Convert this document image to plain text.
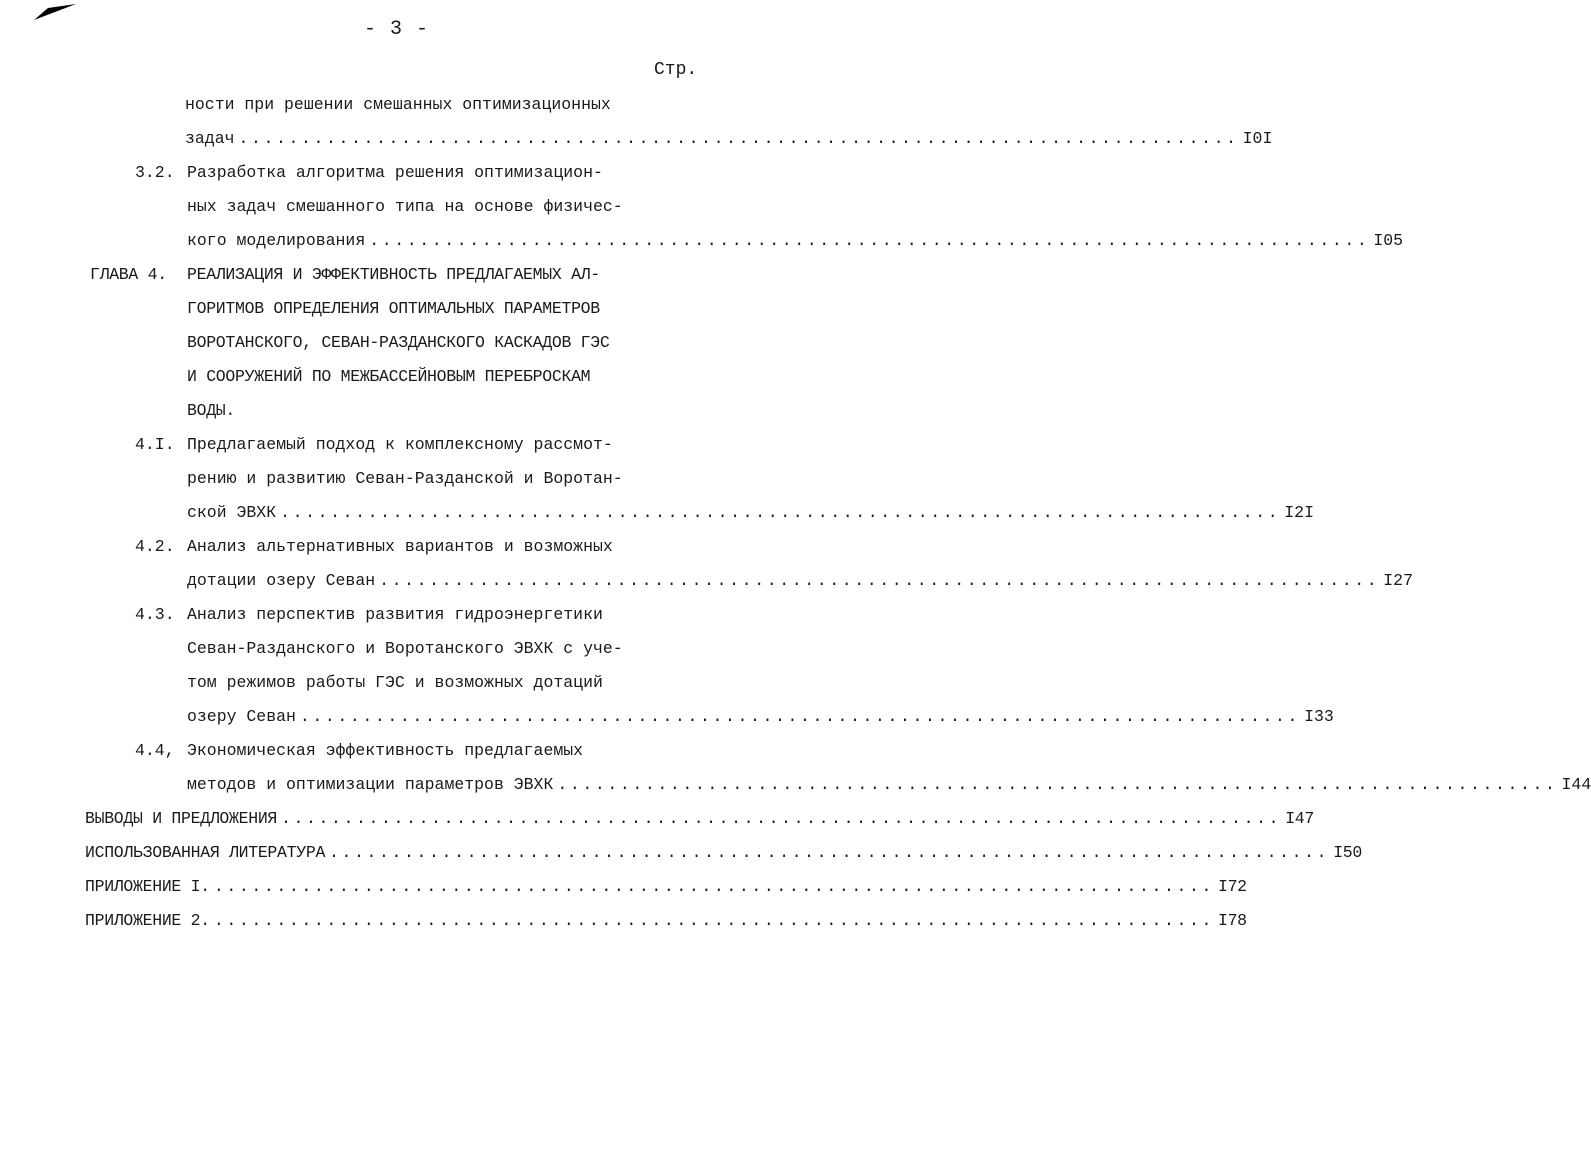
- 3 -
Стр.
ности при решении смешанных оптимизационных
задач ................................................................................ I0I
3.2. Разработка алгоритма решения оптимизацион-
ных задач смешанного типа на основе физичес-
кого моделирования ................................................................................ I05
ГЛАВА 4. РЕАЛИЗАЦИЯ И ЭФФЕКТИВНОСТЬ ПРЕДЛАГАЕМЫХ АЛ-
ГОРИТМОВ ОПРЕДЕЛЕНИЯ ОПТИМАЛЬНЫХ ПАРАМЕТРОВ
ВОРОТАНСКОГО, СЕВАН-РАЗДАНСКОГО КАСКАДОВ ГЭС
И СООРУЖЕНИЙ ПО МЕЖБАССЕЙНОВЫМ ПЕРЕБРОСКАМ
ВОДЫ.
4.I. Предлагаемый подход к комплексному рассмот-
рению и развитию Севан-Разданской и Воротан-
ской ЭВХК ................................................................................ I2I
4.2. Анализ альтернативных вариантов и возможных
дотации озеру Севан ................................................................................ I27
4.3. Анализ перспектив развития гидроэнергетики
Севан-Разданского и Воротанского ЭВХК с уче-
том режимов работы ГЭС и возможных дотаций
озеру Севан ................................................................................ I33
4.4, Экономическая эффективность предлагаемых
методов и оптимизации параметров ЭВХК ................................................................................ I44
ВЫВОДЫ И ПРЕДЛОЖЕНИЯ ................................................................................ I47
ИСПОЛЬЗОВАННАЯ ЛИТЕРАТУРА ................................................................................ I50
ПРИЛОЖЕНИЕ I. ................................................................................ I72
ПРИЛОЖЕНИЕ 2. ................................................................................ I78
